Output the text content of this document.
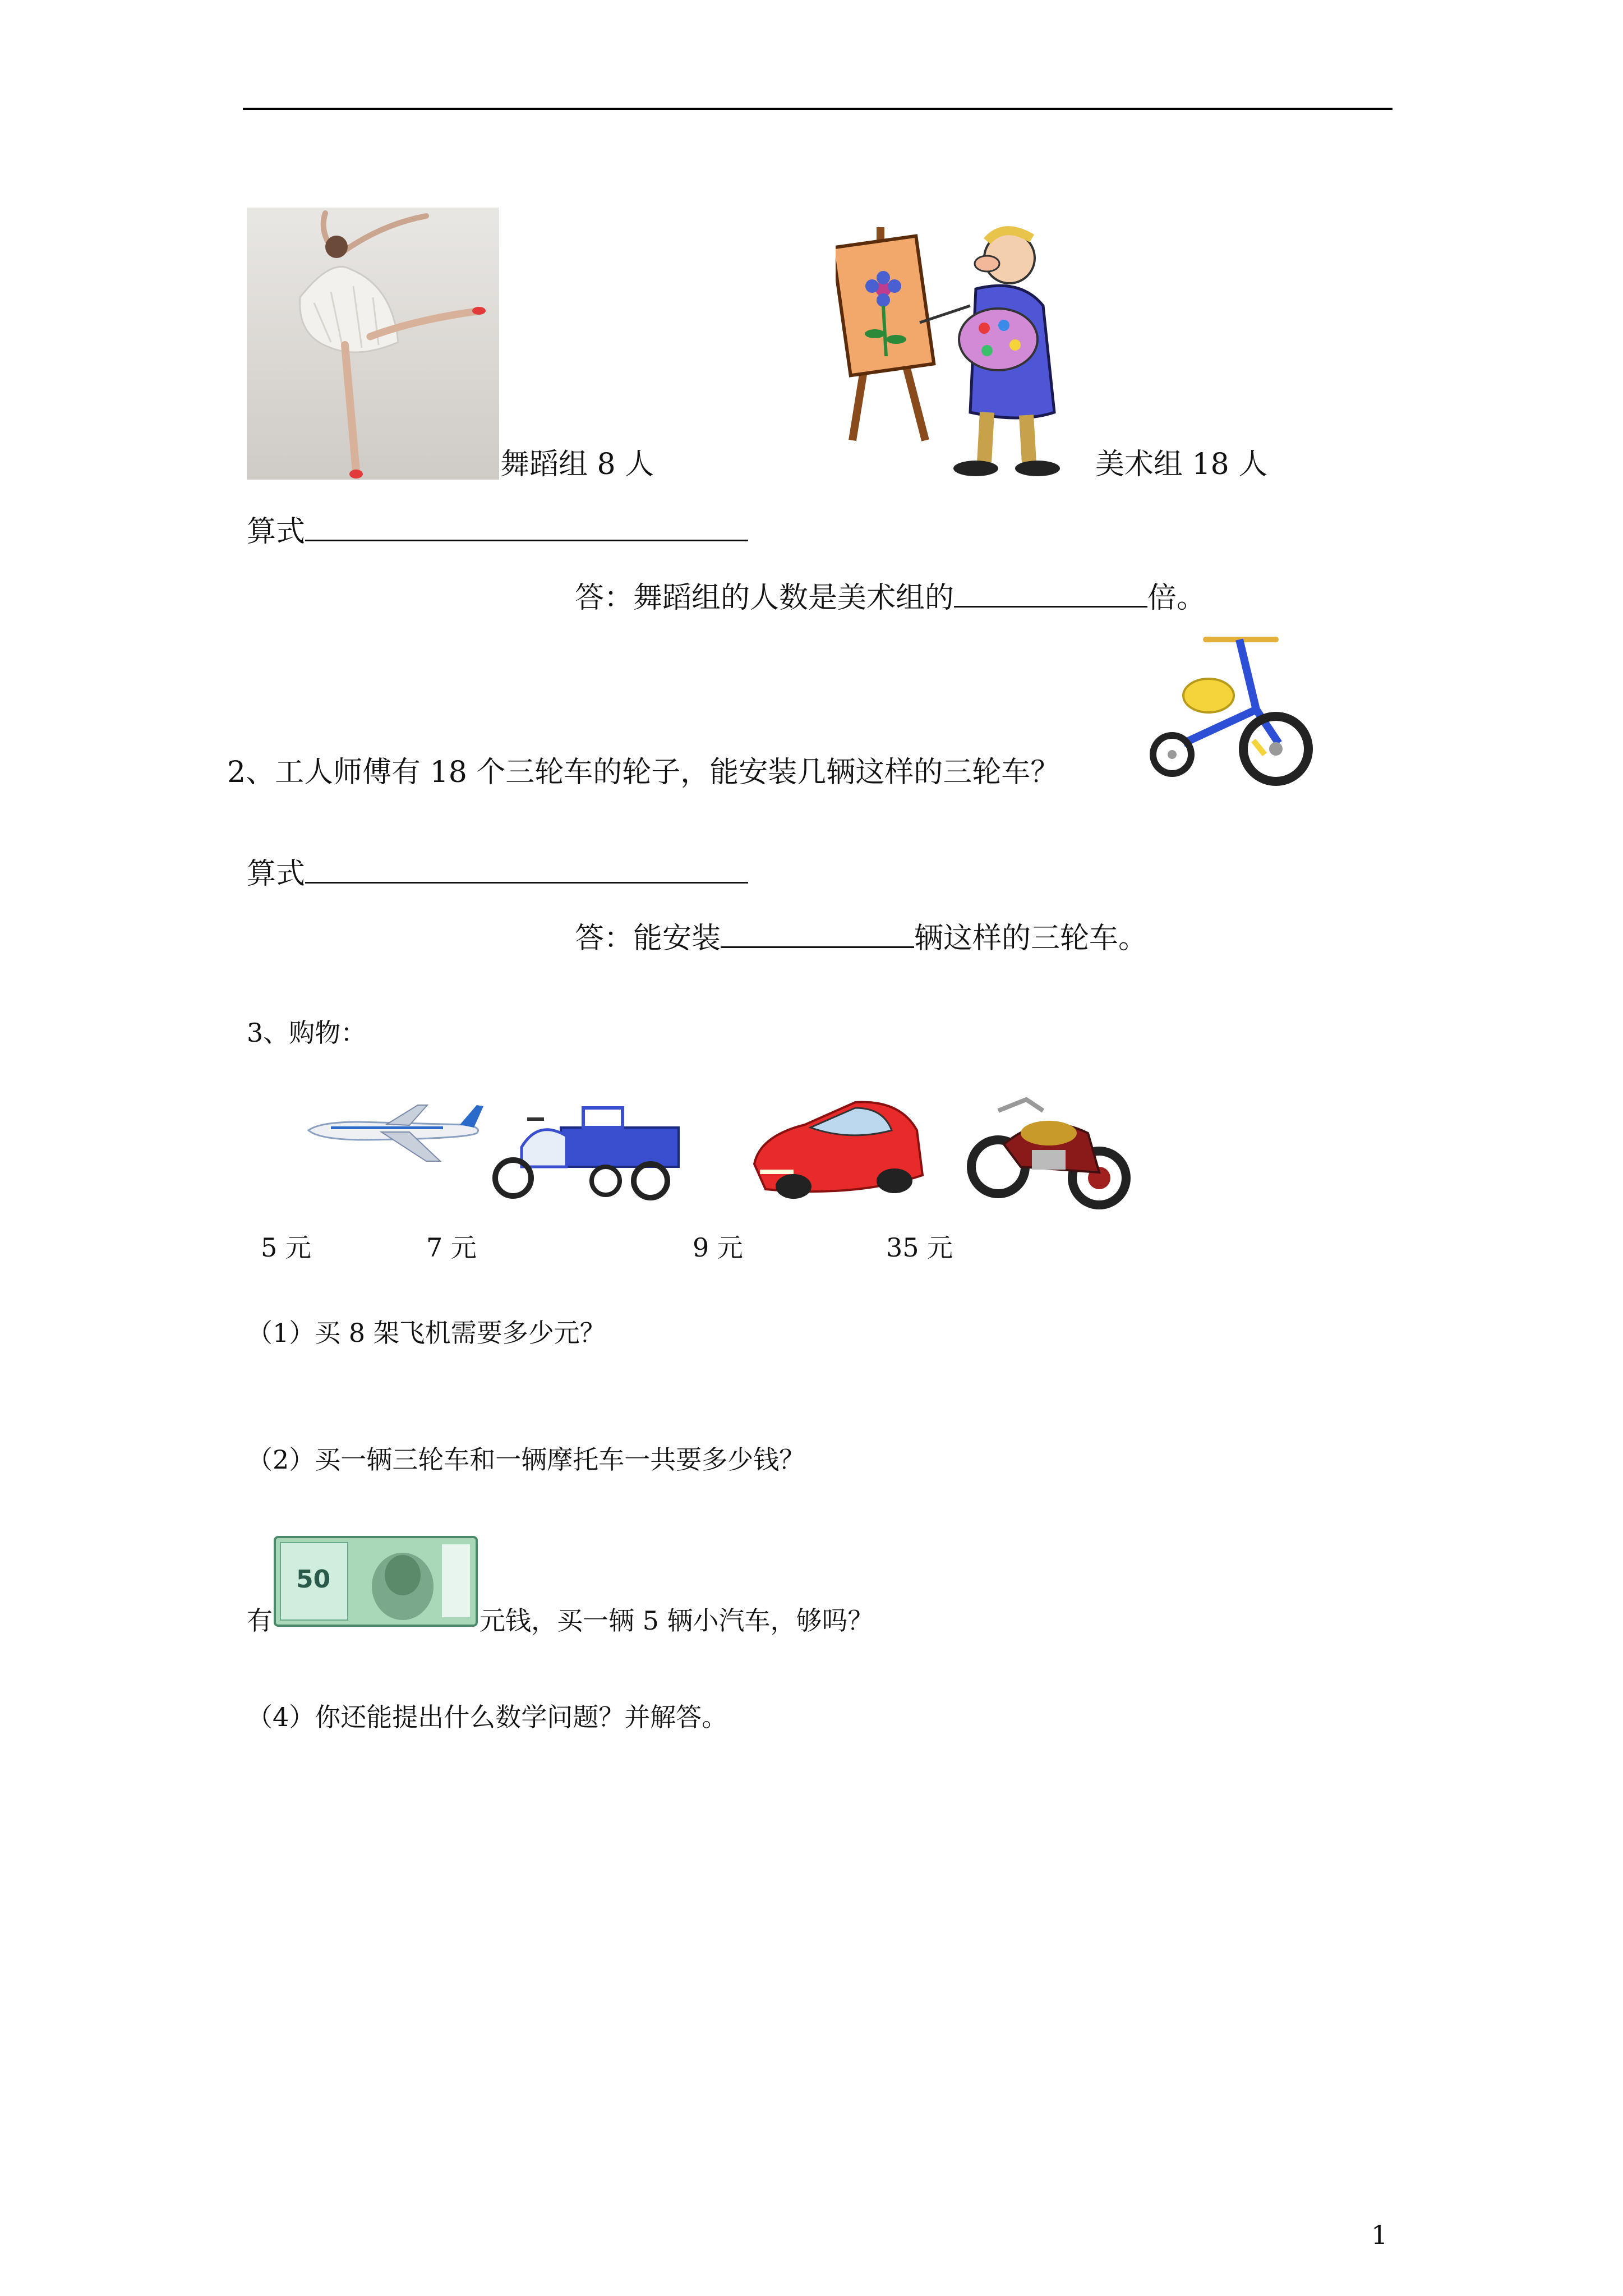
舞蹈组 8 人	美术组 18 人
算式
答：舞蹈组的人数是美术组的	倍。
2、工人师傅有 18 个三轮车的轮子，能安装几辆这样的三轮车？
算式
答：能安装	辆这样的三轮车。
3、购物：
5 元	7 元	9 元	35 元
（1）买 8 架飞机需要多少元？
（2）买一辆三轮车和一辆摩托车一共要多少钱？
50
有	元钱，买一辆 5 辆小汽车，够吗？
（4）你还能提出什么数学问题？并解答。
1
